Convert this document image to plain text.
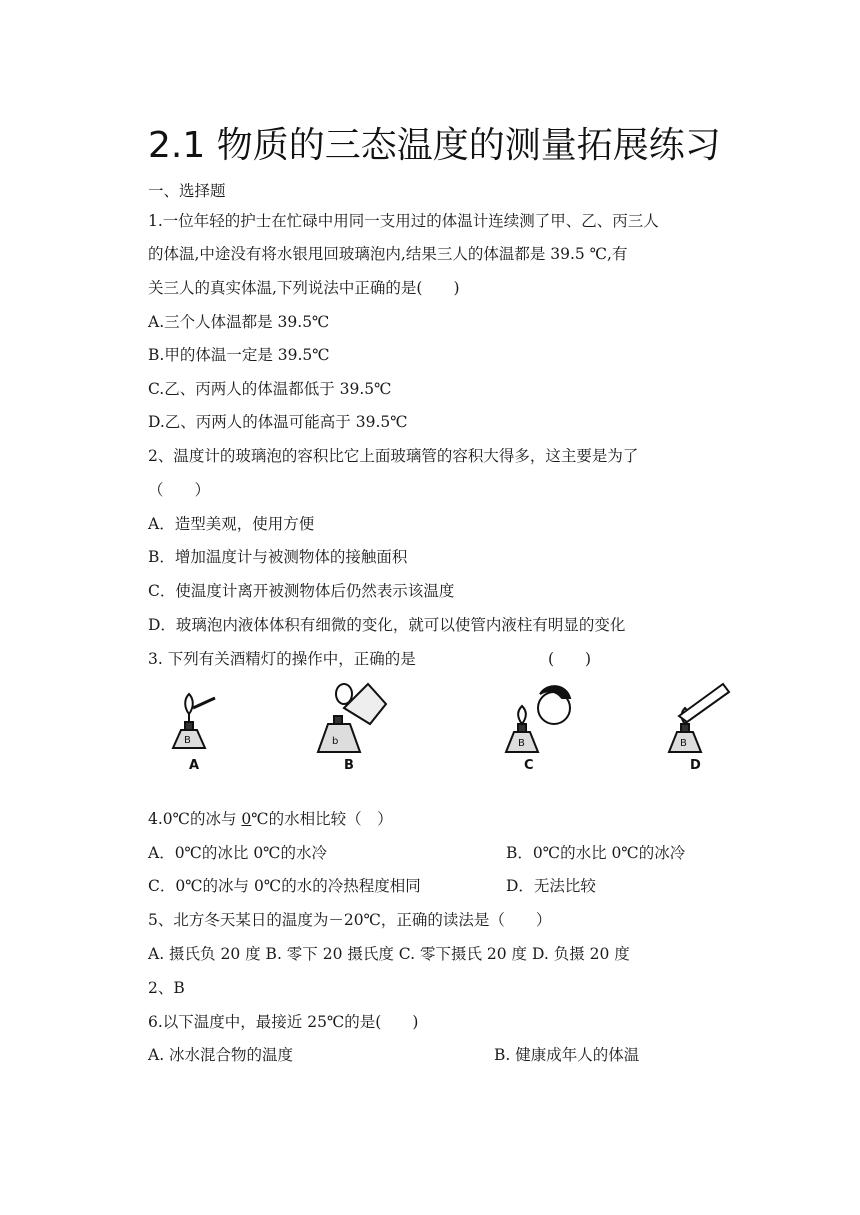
2.1 物质的三态温度的测量拓展练习
一、选择题
1.一位年轻的护士在忙碌中用同一支用过的体温计连续测了甲、乙、丙三人
的体温,中途没有将水银甩回玻璃泡内,结果三人的体温都是 39.5 ℃,有
关三人的真实体温,下列说法中正确的是(　　)
A.三个人体温都是 39.5℃
B.甲的体温一定是 39.5℃
C.乙、丙两人的体温都低于 39.5℃
D.乙、丙两人的体温可能高于 39.5℃
2、温度计的玻璃泡的容积比它上面玻璃管的容积大得多，这主要是为了
（　　）
A．造型美观，使用方便
B．增加温度计与被测物体的接触面积
C．使温度计离开被测物体后仍然表示该温度
D．玻璃泡内液体体积有细微的变化，就可以使管内液柱有明显的变化
3. 下列有关酒精灯的操作中，正确的是	(　　)
B	b	B	B
A	B	C	D
4.0℃的冰与 0℃的水相比较（　）
A．0℃的冰比 0℃的水冷	B．0℃的水比 0℃的冰冷
C．0℃的冰与 0℃的水的冷热程度相同	D．无法比较
5、北方冬天某日的温度为－20℃，正确的读法是（　　）
A. 摄氏负 20 度 B. 零下 20 摄氏度 C. 零下摄氏 20 度 D. 负摄 20 度
2、B
6.以下温度中，最接近 25℃的是(　　)
A. 冰水混合物的温度	B. 健康成年人的体温
